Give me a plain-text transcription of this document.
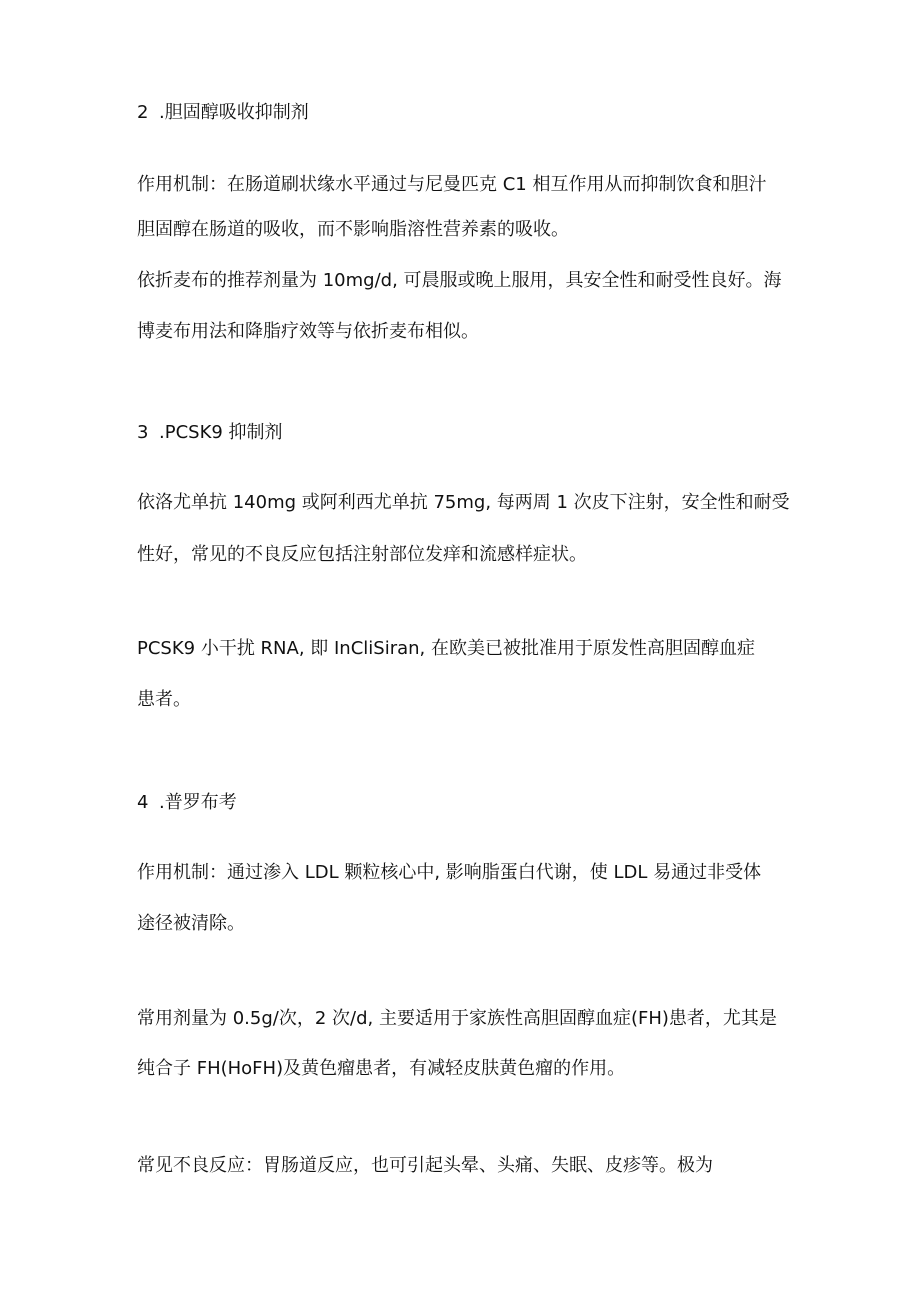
2 .胆固醇吸收抑制剂
作用机制：在肠道刷状缘水平通过与尼曼匹克 C1 相互作用从而抑制饮食和胆汁
胆固醇在肠道的吸收，而不影响脂溶性营养素的吸收。
依折麦布的推荐剂量为 10mg∕d, 可晨服或晚上服用，具安全性和耐受性良好。海
博麦布用法和降脂疗效等与依折麦布相似。
3 .PCSK9 抑制剂
依洛尤单抗 140mg 或阿利西尤单抗 75mg, 每两周 1 次皮下注射，安全性和耐受
性好，常见的不良反应包括注射部位发痒和流感样症状。
PCSK9 小干扰 RNA, 即 InCliSiran, 在欧美已被批准用于原发性高胆固醇血症
患者。
4 .普罗布考
作用机制：通过渗入 LDL 颗粒核心中, 影响脂蛋白代谢，使 LDL 易通过非受体
途径被清除。
常用剂量为 0.5g/次，2 次/d, 主要适用于家族性高胆固醇血症(FH)患者，尤其是
纯合子 FH(HoFH)及黄色瘤患者，有减轻皮肤黄色瘤的作用。
常见不良反应：胃肠道反应，也可引起头晕、头痛、失眠、皮疹等。极为
